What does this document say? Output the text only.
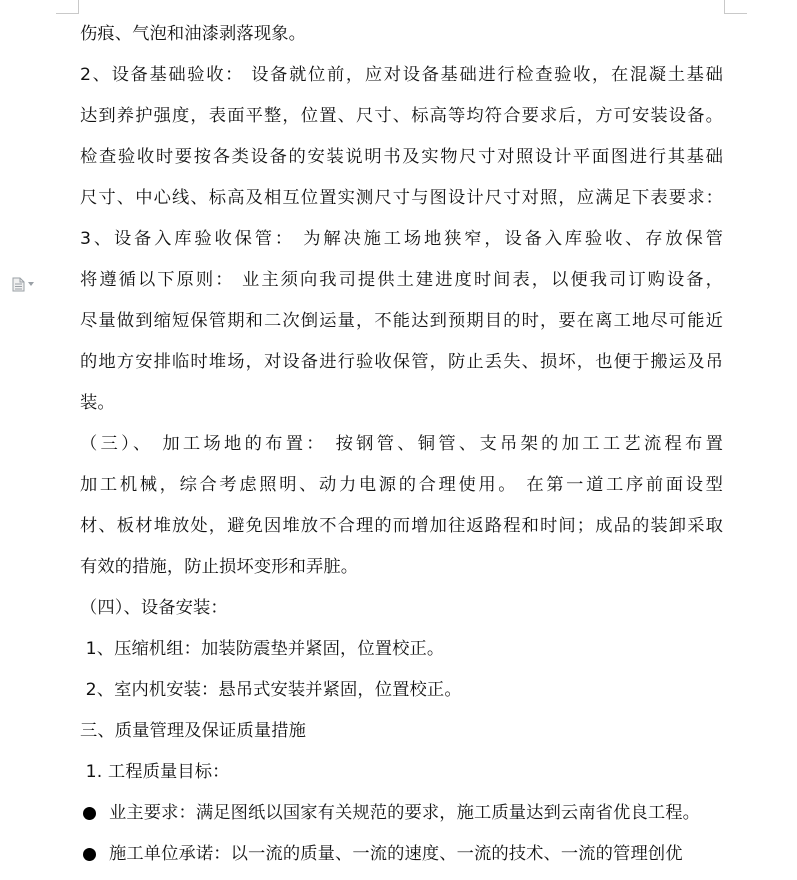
伤痕、气泡和油漆剥落现象。
2、设备基础验收： 设备就位前，应对设备基础进行检查验收，在混凝土基础
达到养护强度，表面平整，位置、尺寸、标高等均符合要求后，方可安装设备。
检查验收时要按各类设备的安装说明书及实物尺寸对照设计平面图进行其基础
尺寸、中心线、标高及相互位置实测尺寸与图设计尺寸对照，应满足下表要求：
3、设备入库验收保管： 为解决施工场地狭窄，设备入库验收、存放保管
将遵循以下原则： 业主须向我司提供土建进度时间表，以便我司订购设备，
尽量做到缩短保管期和二次倒运量，不能达到预期目的时，要在离工地尽可能近
的地方安排临时堆场，对设备进行验收保管，防止丢失、损坏，也便于搬运及吊
装。
（三）、 加工场地的布置： 按钢管、铜管、支吊架的加工工艺流程布置
加工机械，综合考虑照明、动力电源的合理使用。 在第一道工序前面设型
材、板材堆放处，避免因堆放不合理的而增加往返路程和时间；成品的装卸采取
有效的措施，防止损坏变形和弄脏。
（四）、设备安装：
1、压缩机组：加装防震垫并紧固，位置校正。
2、室内机安装：悬吊式安装并紧固，位置校正。
三、质量管理及保证质量措施
1. 工程质量目标：
业主要求：满足图纸以国家有关规范的要求，施工质量达到云南省优良工程。
施工单位承诺：以一流的质量、一流的速度、一流的技术、一流的管理创优
